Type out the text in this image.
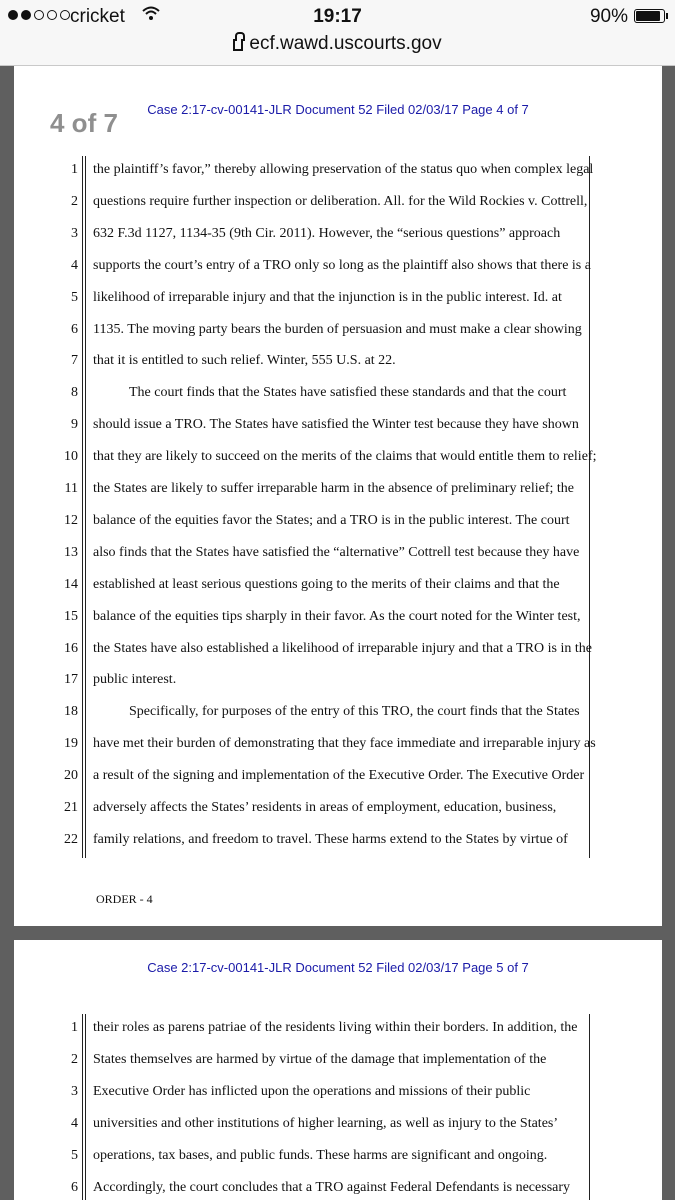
cricket	19:17	90%
ecf.wawd.uscourts.gov
4 of 7	Case 2:17-cv-00141-JLR Document 52 Filed 02/03/17 Page 4 of 7
1 the plaintiff’s favor,” thereby allowing preservation of the status quo when complex legal
2 questions require further inspection or deliberation. All. for the Wild Rockies v. Cottrell,
3 632 F.3d 1127, 1134-35 (9th Cir. 2011). However, the “serious questions” approach
4 supports the court’s entry of a TRO only so long as the plaintiff also shows that there is a
5 likelihood of irreparable injury and that the injunction is in the public interest. Id. at
6 1135. The moving party bears the burden of persuasion and must make a clear showing
7 that it is entitled to such relief. Winter, 555 U.S. at 22.
8	The court finds that the States have satisfied these standards and that the court
9 should issue a TRO. The States have satisfied the Winter test because they have shown
10 that they are likely to succeed on the merits of the claims that would entitle them to relief;
11 the States are likely to suffer irreparable harm in the absence of preliminary relief; the
12 balance of the equities favor the States; and a TRO is in the public interest. The court
13 also finds that the States have satisfied the “alternative” Cottrell test because they have
14 established at least serious questions going to the merits of their claims and that the
15 balance of the equities tips sharply in their favor. As the court noted for the Winter test,
16 the States have also established a likelihood of irreparable injury and that a TRO is in the
17 public interest.
18	Specifically, for purposes of the entry of this TRO, the court finds that the States
19 have met their burden of demonstrating that they face immediate and irreparable injury as
20 a result of the signing and implementation of the Executive Order. The Executive Order
21 adversely affects the States’ residents in areas of employment, education, business,
22 family relations, and freedom to travel. These harms extend to the States by virtue of
ORDER - 4
Case 2:17-cv-00141-JLR Document 52 Filed 02/03/17 Page 5 of 7
1 their roles as parens patriae of the residents living within their borders. In addition, the
2 States themselves are harmed by virtue of the damage that implementation of the
3 Executive Order has inflicted upon the operations and missions of their public
4 universities and other institutions of higher learning, as well as injury to the States’
5 operations, tax bases, and public funds. These harms are significant and ongoing.
6 Accordingly, the court concludes that a TRO against Federal Defendants is necessary
